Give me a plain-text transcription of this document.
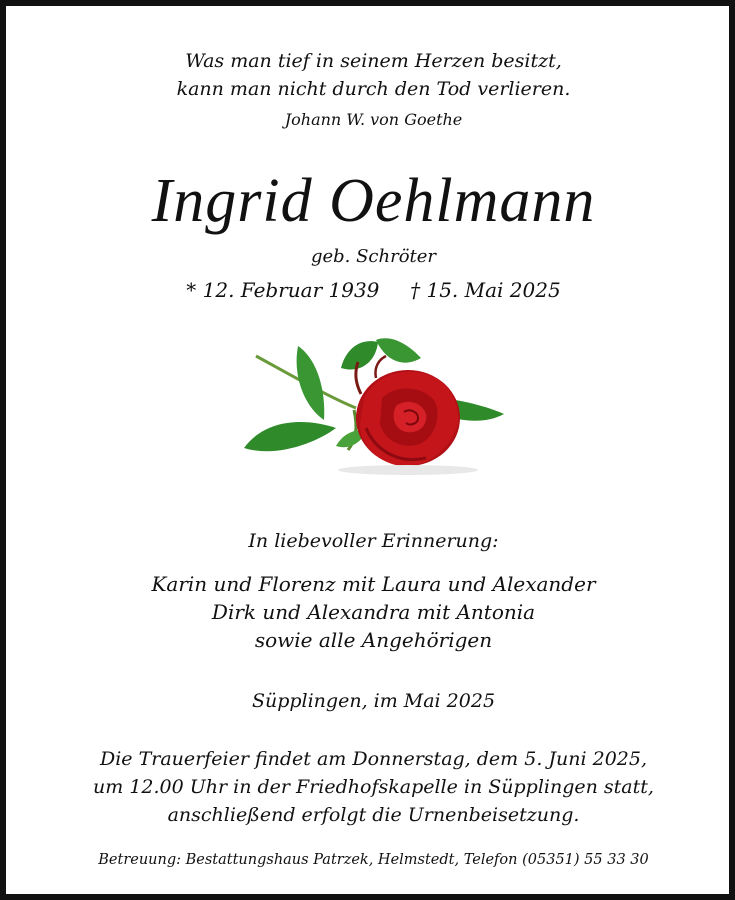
Was man tief in seinem Herzen besitzt,
kann man nicht durch den Tod verlieren.
Johann W. von Goethe
Ingrid Oehlmann
geb. Schröter
* 12. Februar 1939 † 15. Mai 2025
In liebevoller Erinnerung:
Karin und Florenz mit Laura und Alexander
Dirk und Alexandra mit Antonia
sowie alle Angehörigen
Süpplingen, im Mai 2025
Die Trauerfeier findet am Donnerstag, dem 5. Juni 2025,
um 12.00 Uhr in der Friedhofskapelle in Süpplingen statt,
anschließend erfolgt die Urnenbeisetzung.
Betreuung: Bestattungshaus Patrzek, Helmstedt, Telefon (05351) 55 33 30
